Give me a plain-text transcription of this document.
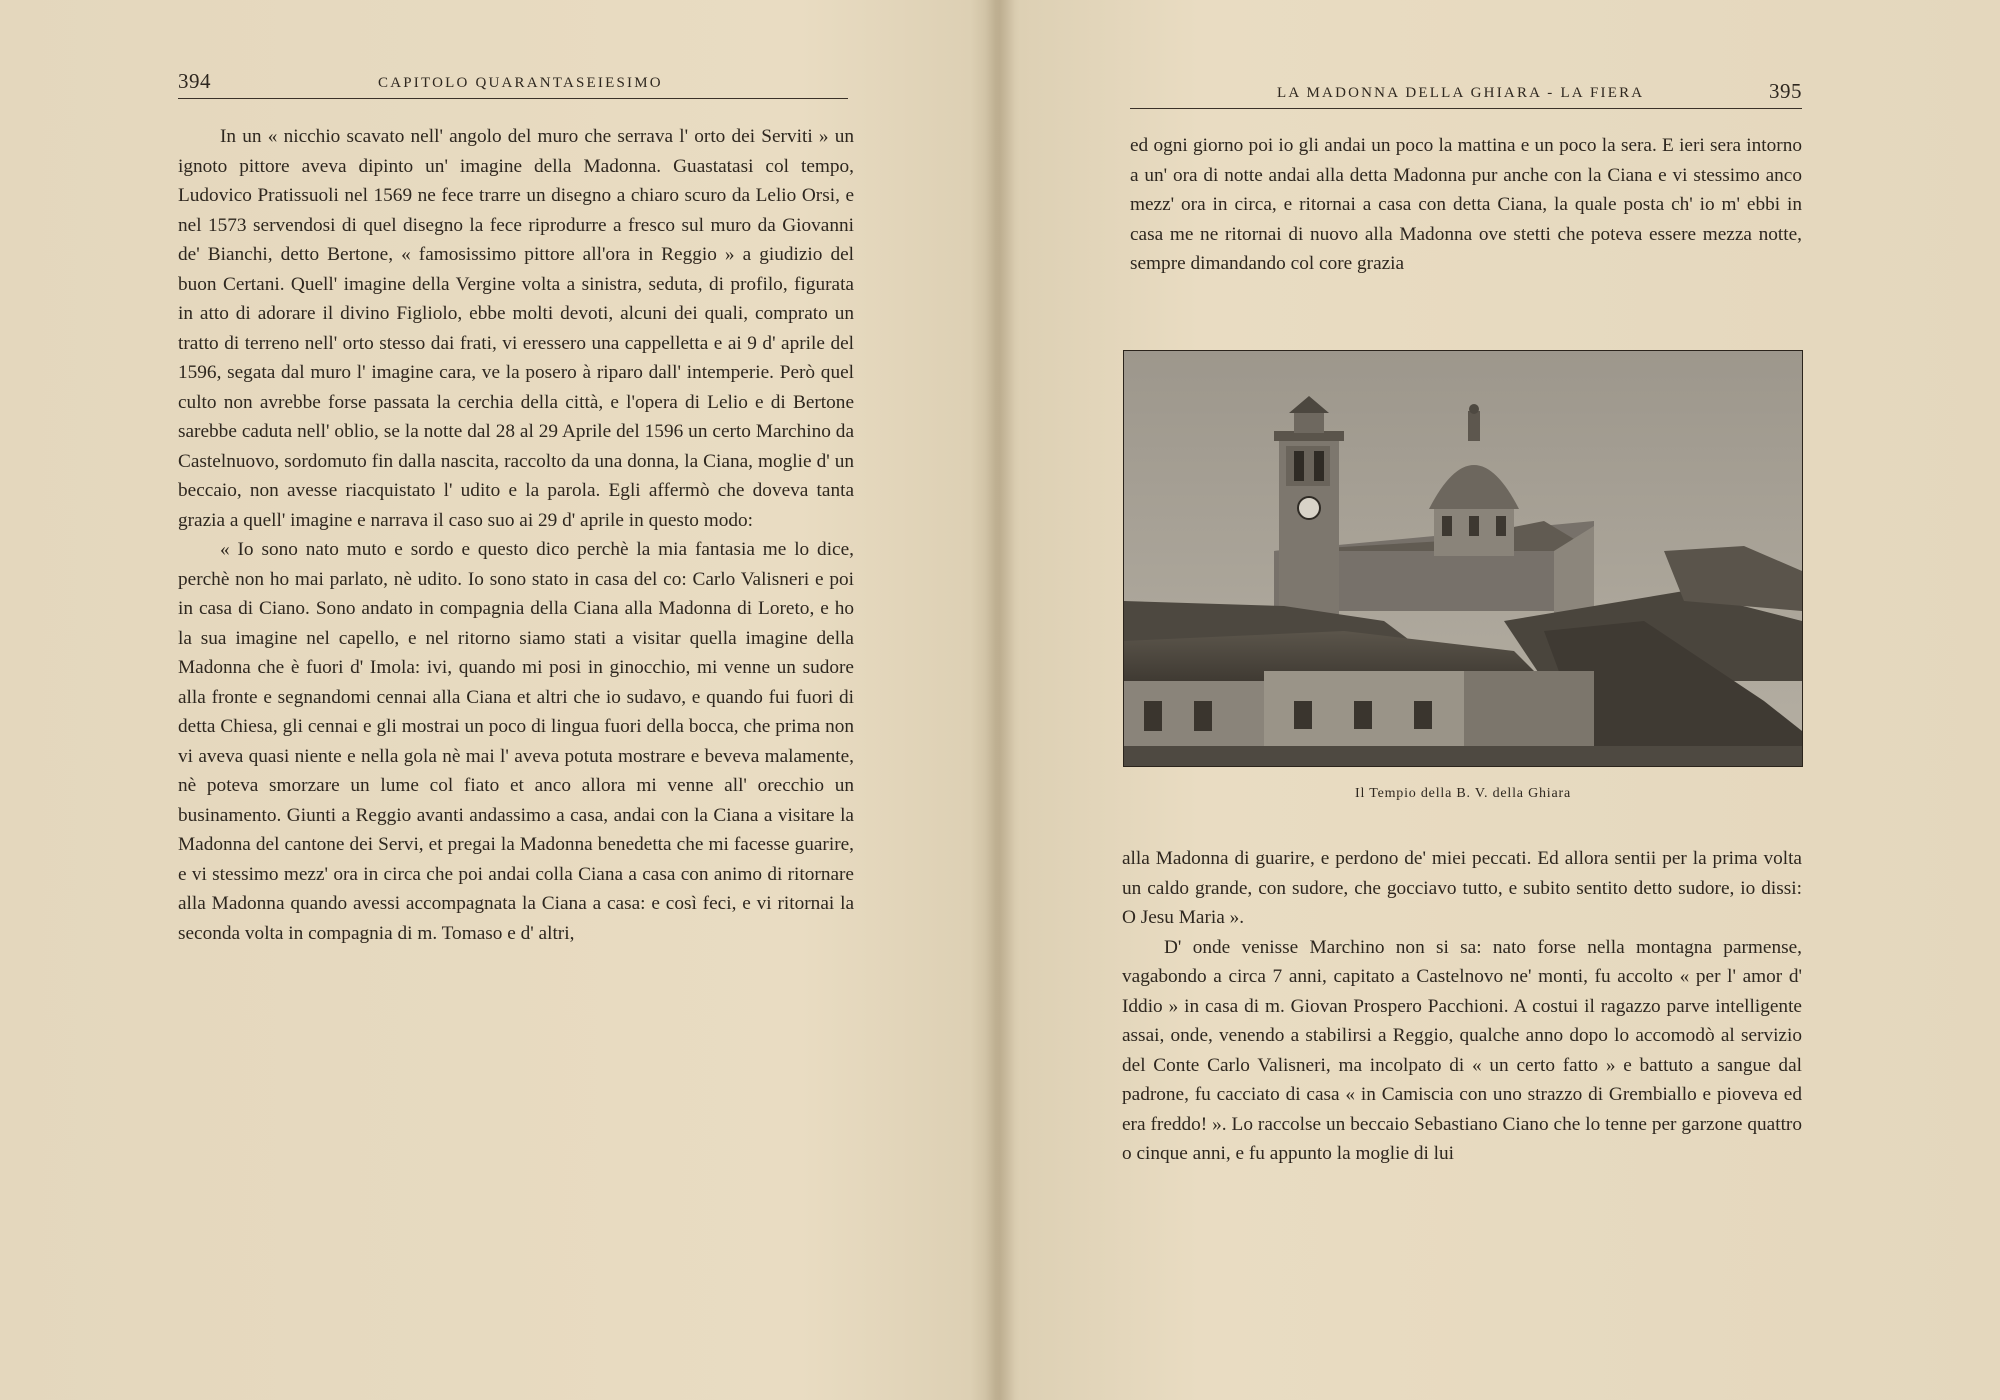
394	CAPITOLO QUARANTASEIESIMO

In un « nicchio scavato nell' angolo del muro che serrava l' orto dei Serviti » un ignoto pittore aveva dipinto un' imagine della Madonna. Guastatasi col tempo, Ludovico Pratissuoli nel 1569 ne fece trarre un disegno a chiaro scuro da Lelio Orsi, e nel 1573 servendosi di quel disegno la fece riprodurre a fresco sul muro da Giovanni de' Bianchi, detto Bertone, « famosissimo pittore all'ora in Reggio » a giudizio del buon Certani. Quell' imagine della Vergine volta a sinistra, seduta, di profilo, figurata in atto di adorare il divino Figliolo, ebbe molti devoti, alcuni dei quali, comprato un tratto di terreno nell' orto stesso dai frati, vi eressero una cappelletta e ai 9 d' aprile del 1596, segata dal muro l' imagine cara, ve la posero à riparo dall' intemperie. Però quel culto non avrebbe forse passata la cerchia della città, e l'opera di Lelio e di Bertone sarebbe caduta nell' oblio, se la notte dal 28 al 29 Aprile del 1596 un certo Marchino da Castelnuovo, sordomuto fin dalla nascita, raccolto da una donna, la Ciana, moglie d' un beccaio, non avesse riacquistato l' udito e la parola. Egli affermò che doveva tanta grazia a quell' imagine e narrava il caso suo ai 29 d' aprile in questo modo:

« Io sono nato muto e sordo e questo dico perchè la mia fantasia me lo dice, perchè non ho mai parlato, nè udito. Io sono stato in casa del co: Carlo Valisneri e poi in casa di Ciano. Sono andato in compagnia della Ciana alla Madonna di Loreto, e ho la sua imagine nel capello, e nel ritorno siamo stati a visitar quella imagine della Madonna che è fuori d' Imola: ivi, quando mi posi in ginocchio, mi venne un sudore alla fronte e segnandomi cennai alla Ciana et altri che io sudavo, e quando fui fuori di detta Chiesa, gli cennai e gli mostrai un poco di lingua fuori della bocca, che prima non vi aveva quasi niente e nella gola nè mai l' aveva potuta mostrare e beveva malamente, nè poteva smorzare un lume col fiato et anco allora mi venne all' orecchio un businamento. Giunti a Reggio avanti andassimo a casa, andai con la Ciana a visitare la Madonna del cantone dei Servi, et pregai la Madonna benedetta che mi facesse guarire, e vi stessimo mezz' ora in circa che poi andai colla Ciana a casa con animo di ritornare alla Madonna quando avessi accompagnata la Ciana a casa: e così feci, e vi ritornai la seconda volta in compagnia di m. Tomaso e d' altri,

LA MADONNA DELLA GHIARA - LA FIERA	395

ed ogni giorno poi io gli andai un poco la mattina e un poco la sera. E ieri sera intorno a un' ora di notte andai alla detta Madonna pur anche con la Ciana e vi stessimo anco mezz' ora in circa, e ritornai a casa con detta Ciana, la quale posta ch' io m' ebbi in casa me ne ritornai di nuovo alla Madonna ove stetti che poteva essere mezza notte, sempre dimandando col core grazia

Il Tempio della B. V. della Ghiara

alla Madonna di guarire, e perdono de' miei peccati. Ed allora sentii per la prima volta un caldo grande, con sudore, che gocciavo tutto, e subito sentito detto sudore, io dissi: O Jesu Maria ».

D' onde venisse Marchino non si sa: nato forse nella montagna parmense, vagabondo a circa 7 anni, capitato a Castelnovo ne' monti, fu accolto « per l' amor d' Iddio » in casa di m. Giovan Prospero Pacchioni. A costui il ragazzo parve intelligente assai, onde, venendo a stabilirsi a Reggio, qualche anno dopo lo accomodò al servizio del Conte Carlo Valisneri, ma incolpato di « un certo fatto » e battuto a sangue dal padrone, fu cacciato di casa « in Camiscia con uno strazzo di Grembiallo e pioveva ed era freddo! ». Lo raccolse un beccaio Sebastiano Ciano che lo tenne per garzone quattro o cinque anni, e fu appunto la moglie di lui
